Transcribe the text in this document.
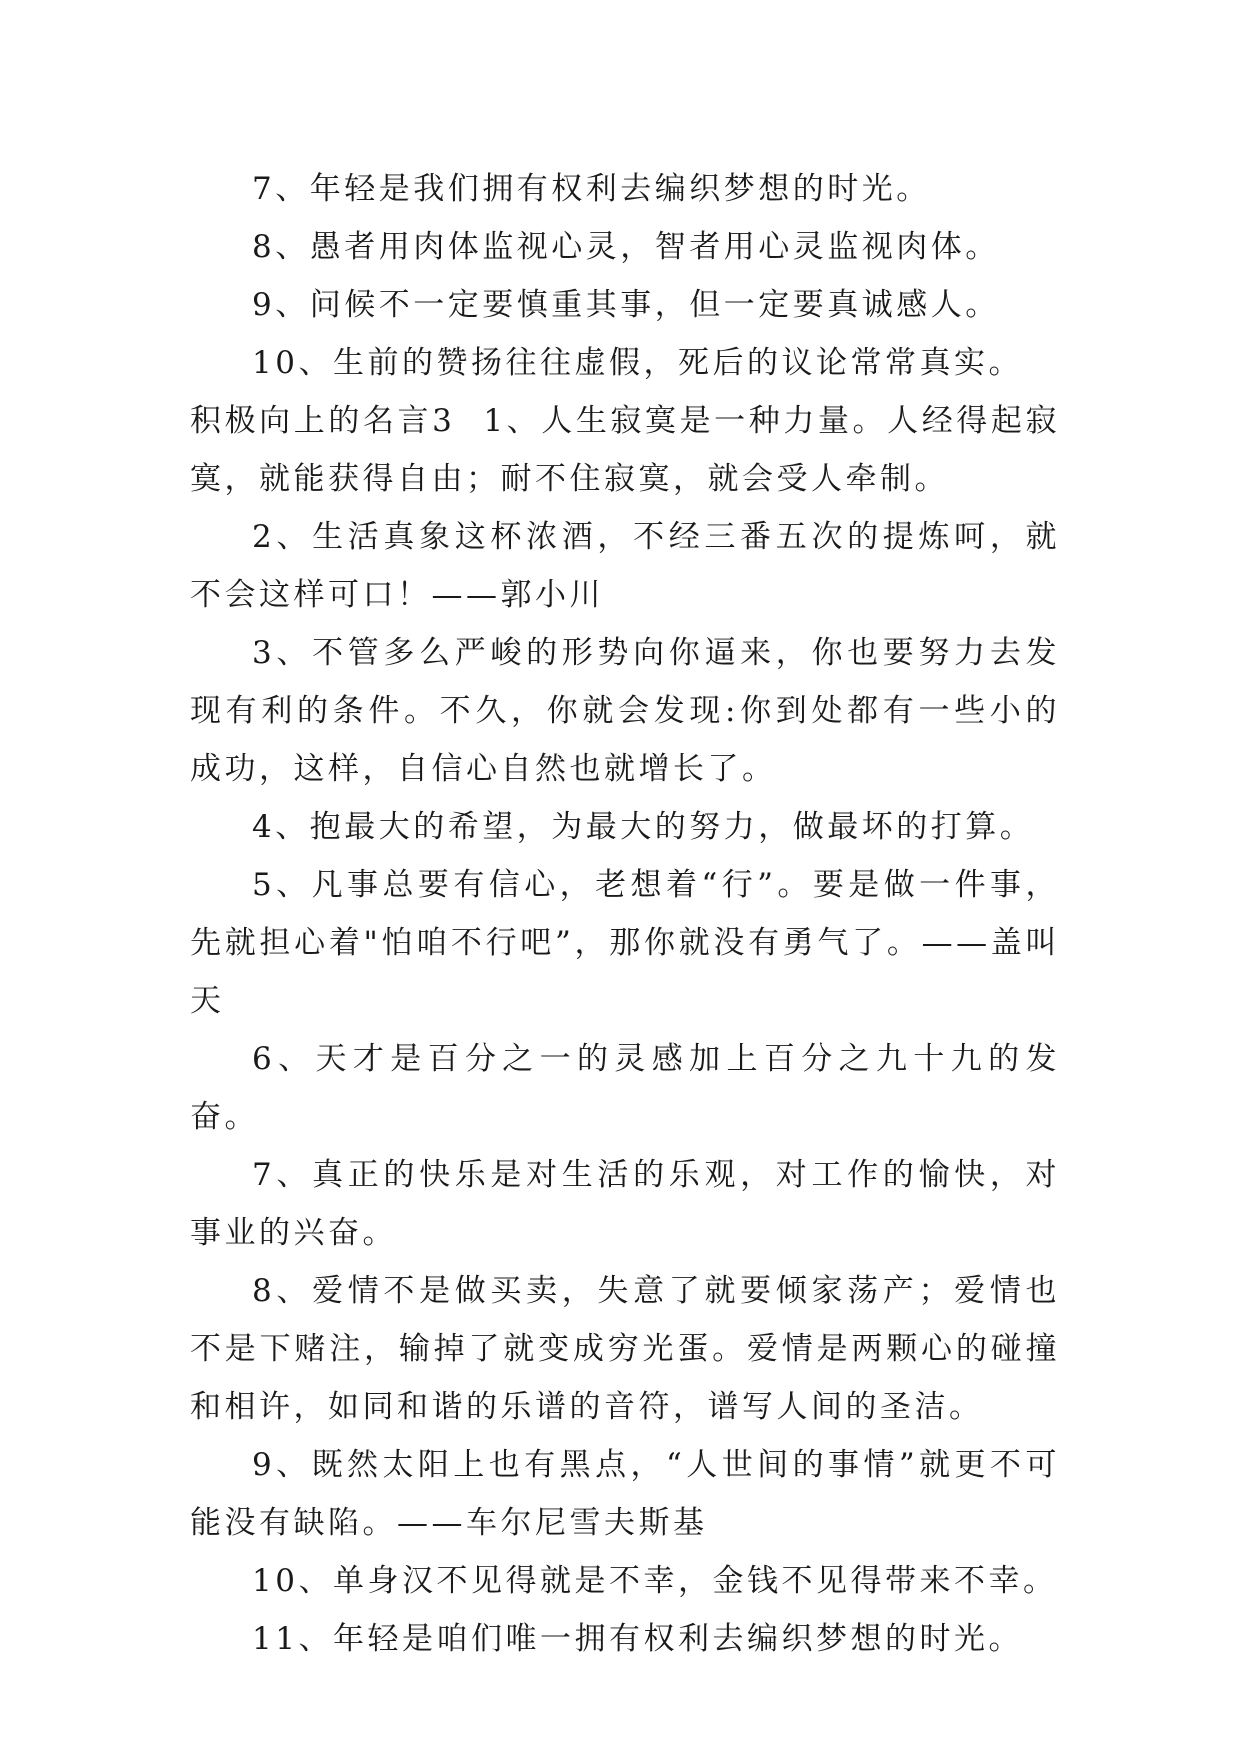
7、年轻是我们拥有权利去编织梦想的时光。

8、愚者用肉体监视心灵，智者用心灵监视肉体。

9、问候不一定要慎重其事，但一定要真诚感人。

10、生前的赞扬往往虚假，死后的议论常常真实。

积极向上的名言3 1、人生寂寞是一种力量。人经得起寂寞，就能获得自由；耐不住寂寞，就会受人牵制。

2、生活真象这杯浓酒，不经三番五次的提炼呵，就不会这样可口！——郭小川

3、不管多么严峻的形势向你逼来，你也要努力去发现有利的条件。不久，你就会发现:你到处都有一些小的成功，这样，自信心自然也就增长了。

4、抱最大的希望，为最大的努力，做最坏的打算。

5、凡事总要有信心，老想着“行”。要是做一件事，先就担心着"怕咱不行吧”，那你就没有勇气了。——盖叫天

6、天才是百分之一的灵感加上百分之九十九的发奋。

7、真正的快乐是对生活的乐观，对工作的愉快，对事业的兴奋。

8、爱情不是做买卖，失意了就要倾家荡产；爱情也不是下赌注，输掉了就变成穷光蛋。爱情是两颗心的碰撞和相许，如同和谐的乐谱的音符，谱写人间的圣洁。

9、既然太阳上也有黑点，“人世间的事情”就更不可能没有缺陷。——车尔尼雪夫斯基

10、单身汉不见得就是不幸，金钱不见得带来不幸。

11、年轻是咱们唯一拥有权利去编织梦想的时光。
